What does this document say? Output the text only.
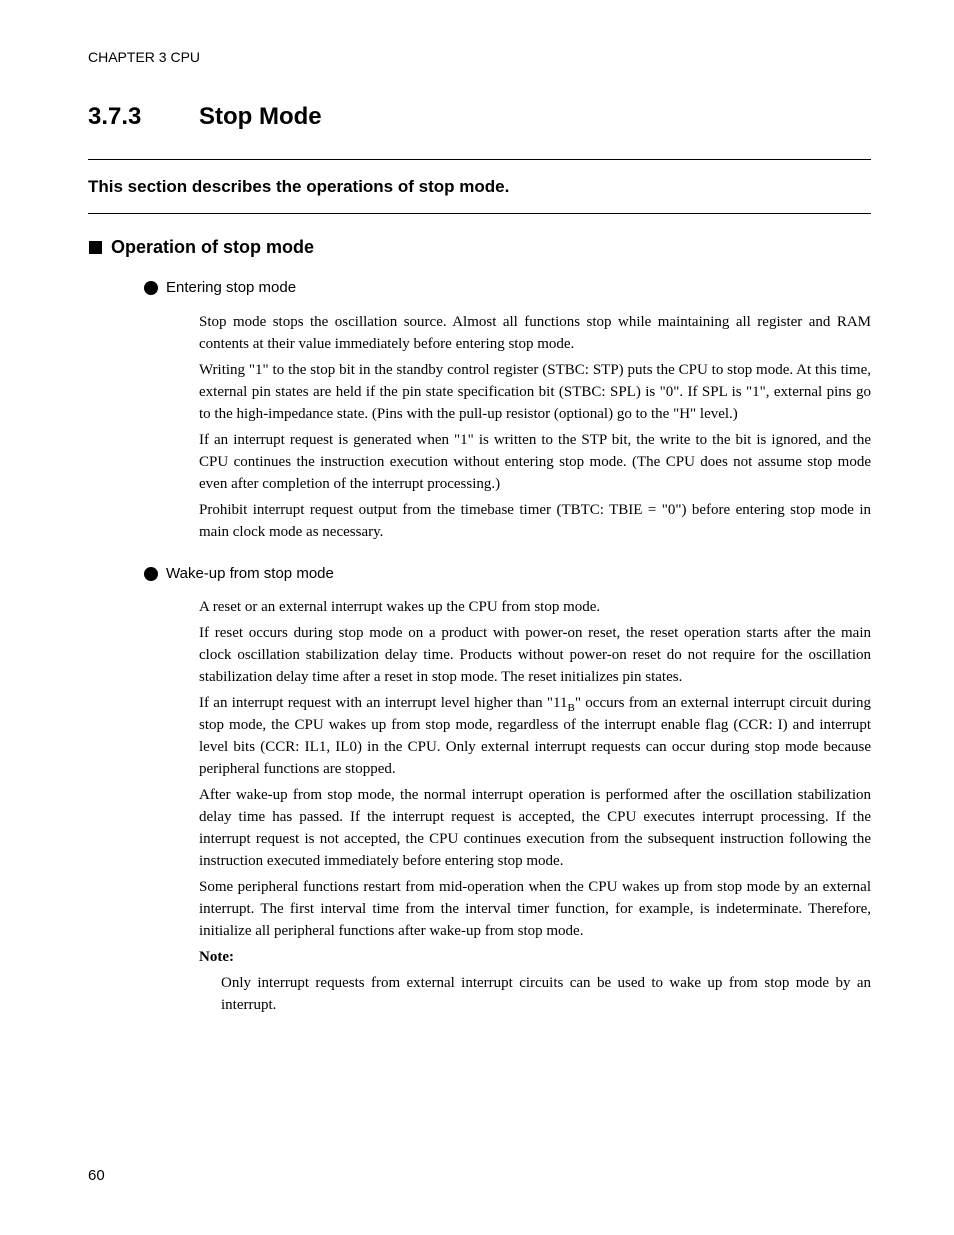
CHAPTER 3 CPU
3.7.3 Stop Mode
This section describes the operations of stop mode.
Operation of stop mode
Entering stop mode

Stop mode stops the oscillation source. Almost all functions stop while maintaining all register and RAM contents at their value immediately before entering stop mode.

Writing "1" to the stop bit in the standby control register (STBC: STP) puts the CPU to stop mode. At this time, external pin states are held if the pin state specification bit (STBC: SPL) is "0". If SPL is "1", external pins go to the high-impedance state. (Pins with the pull-up resistor (optional) go to the "H" level.)

If an interrupt request is generated when "1" is written to the STP bit, the write to the bit is ignored, and the CPU continues the instruction execution without entering stop mode. (The CPU does not assume stop mode even after completion of the interrupt processing.)

Prohibit interrupt request output from the timebase timer (TBTC: TBIE = "0") before entering stop mode in main clock mode as necessary.

Wake-up from stop mode

A reset or an external interrupt wakes up the CPU from stop mode.

If reset occurs during stop mode on a product with power-on reset, the reset operation starts after the main clock oscillation stabilization delay time. Products without power-on reset do not require for the oscillation stabilization delay time after a reset in stop mode. The reset initializes pin states.

If an interrupt request with an interrupt level higher than "$11_B$" occurs from an external interrupt circuit during stop mode, the CPU wakes up from stop mode, regardless of the interrupt enable flag (CCR: I) and interrupt level bits (CCR: IL1, IL0) in the CPU. Only external interrupt requests can occur during stop mode because peripheral functions are stopped.

After wake-up from stop mode, the normal interrupt operation is performed after the oscillation stabilization delay time has passed. If the interrupt request is accepted, the CPU executes interrupt processing. If the interrupt request is not accepted, the CPU continues execution from the subsequent instruction following the instruction executed immediately before entering stop mode.

Some peripheral functions restart from mid-operation when the CPU wakes up from stop mode by an external interrupt. The first interval time from the interval timer function, for example, is indeterminate. Therefore, initialize all peripheral functions after wake-up from stop mode.

Note:

Only interrupt requests from external interrupt circuits can be used to wake up from stop mode by an interrupt.

60
